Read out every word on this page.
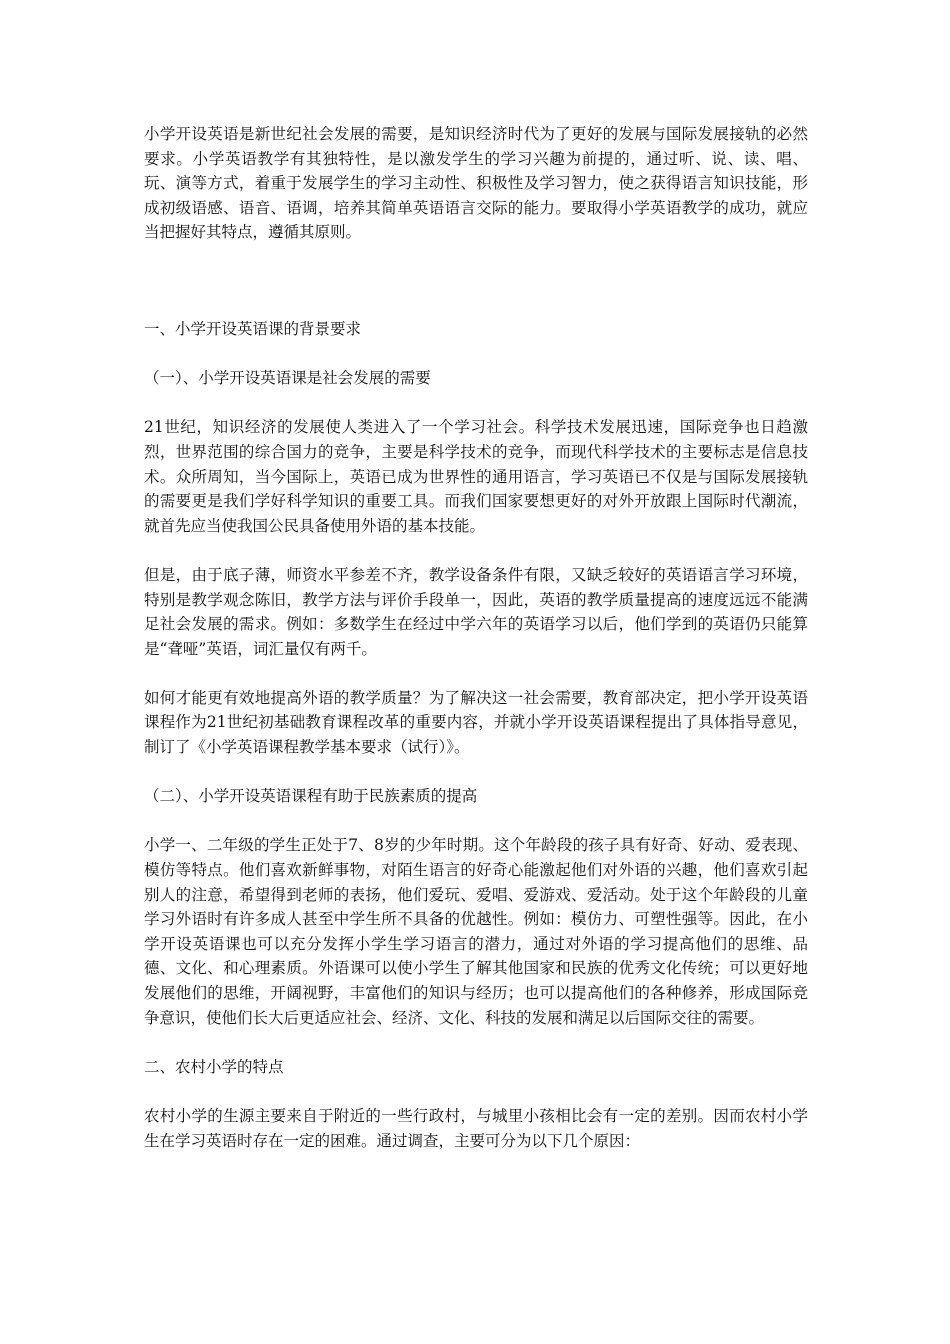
小学开设英语是新世纪社会发展的需要，是知识经济时代为了更好的发展与国际发展接轨的必然要求。小学英语教学有其独特性，是以激发学生的学习兴趣为前提的，通过听、说、读、唱、玩、演等方式，着重于发展学生的学习主动性、积极性及学习智力，使之获得语言知识技能，形成初级语感、语音、语调，培养其简单英语语言交际的能力。要取得小学英语教学的成功，就应当把握好其特点，遵循其原则。

一、小学开设英语课的背景要求

（一）、小学开设英语课是社会发展的需要

21世纪，知识经济的发展使人类进入了一个学习社会。科学技术发展迅速，国际竞争也日趋激烈，世界范围的综合国力的竞争，主要是科学技术的竞争，而现代科学技术的主要标志是信息技术。众所周知，当今国际上，英语已成为世界性的通用语言，学习英语已不仅是与国际发展接轨的需要更是我们学好科学知识的重要工具。而我们国家要想更好的对外开放跟上国际时代潮流，就首先应当使我国公民具备使用外语的基本技能。

但是，由于底子薄，师资水平参差不齐，教学设备条件有限，又缺乏较好的英语语言学习环境，特别是教学观念陈旧，教学方法与评价手段单一，因此，英语的教学质量提高的速度远远不能满足社会发展的需求。例如：多数学生在经过中学六年的英语学习以后，他们学到的英语仍只能算是“聋哑”英语，词汇量仅有两千。

如何才能更有效地提高外语的教学质量？为了解决这一社会需要，教育部决定，把小学开设英语课程作为21世纪初基础教育课程改革的重要内容，并就小学开设英语课程提出了具体指导意见，制订了《小学英语课程教学基本要求（试行）》。

（二）、小学开设英语课程有助于民族素质的提高

小学一、二年级的学生正处于7、8岁的少年时期。这个年龄段的孩子具有好奇、好动、爱表现、模仿等特点。他们喜欢新鲜事物，对陌生语言的好奇心能激起他们对外语的兴趣，他们喜欢引起别人的注意，希望得到老师的表扬，他们爱玩、爱唱、爱游戏、爱活动。处于这个年龄段的儿童学习外语时有许多成人甚至中学生所不具备的优越性。例如：模仿力、可塑性强等。因此，在小学开设英语课也可以充分发挥小学生学习语言的潜力，通过对外语的学习提高他们的思维、品德、文化、和心理素质。外语课可以使小学生了解其他国家和民族的优秀文化传统；可以更好地发展他们的思维，开阔视野，丰富他们的知识与经历；也可以提高他们的各种修养，形成国际竞争意识，使他们长大后更适应社会、经济、文化、科技的发展和满足以后国际交往的需要。

二、农村小学的特点

农村小学的生源主要来自于附近的一些行政村，与城里小孩相比会有一定的差别。因而农村小学生在学习英语时存在一定的困难。通过调查，主要可分为以下几个原因：
